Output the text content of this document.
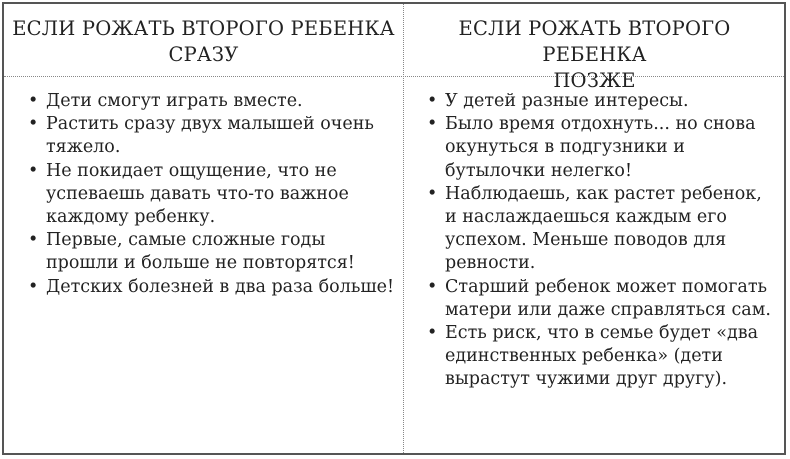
ЕСЛИ РОЖАТЬ ВТОРОГО РЕБЕНКА
СРАЗУ
• Дети смогут играть вместе.
• Растить сразу двух малышей очень тяжело.
• Не покидает ощущение, что не успеваешь давать что-то важное каждому ребенку.
• Первые, самые сложные годы прошли и больше не повторятся!
• Детских болезней в два раза больше!
ЕСЛИ РОЖАТЬ ВТОРОГО РЕБЕНКА
ПОЗЖЕ
• У детей разные интересы.
• Было время отдохнуть... но снова окунуться в подгузники и бутылочки нелегко!
• Наблюдаешь, как растет ребенок, и наслаждаешься каждым его успехом. Меньше поводов для ревности.
• Старший ребенок может помогать матери или даже справляться сам.
• Есть риск, что в семье будет «два единственных ребенка» (дети вырастут чужими друг другу).
